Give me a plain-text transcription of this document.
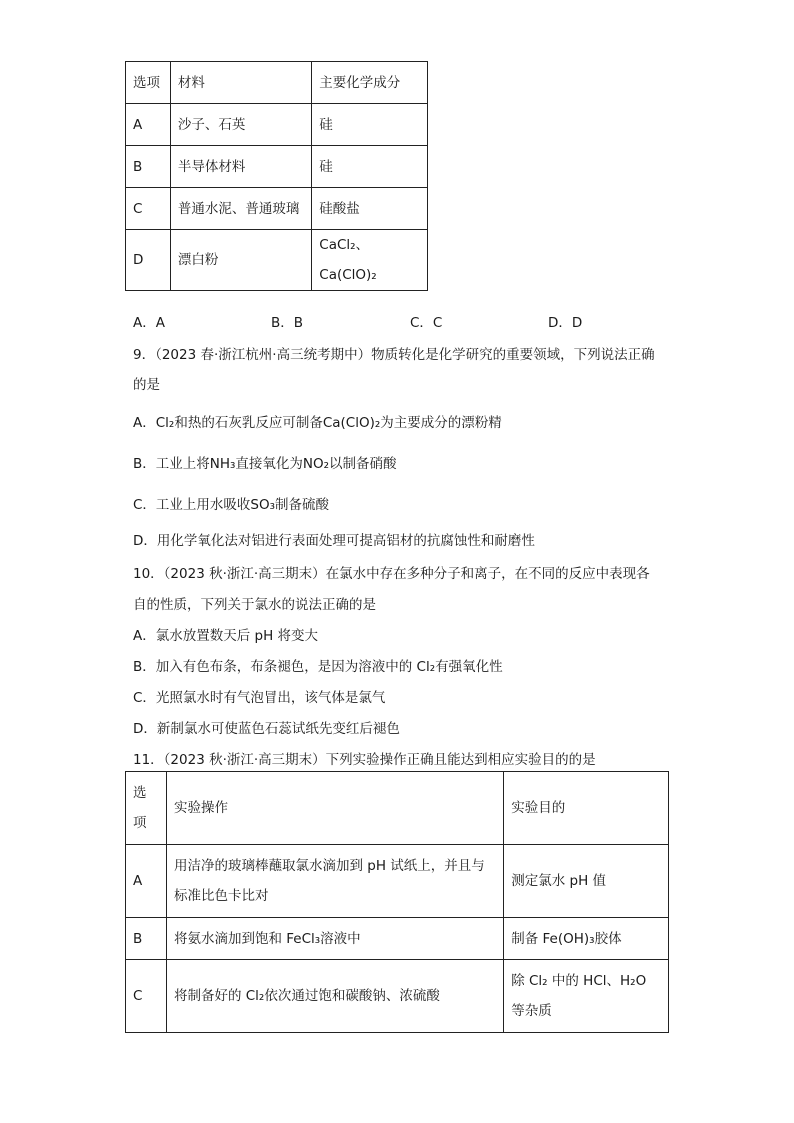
选项	材料	主要化学成分
A	沙子、石英	硅
B	半导体材料	硅
C	普通水泥、普通玻璃	硅酸盐
D	漂白粉	CaCl₂、Ca(ClO)₂
A．A	B．B	C．C	D．D
9．（2023 春·浙江杭州·高三统考期中）物质转化是化学研究的重要领域，下列说法正确
的是
A．Cl₂和热的石灰乳反应可制备Ca(ClO)₂为主要成分的漂粉精
B．工业上将NH₃直接氧化为NO₂以制备硝酸
C．工业上用水吸收SO₃制备硫酸
D．用化学氧化法对铝进行表面处理可提高铝材的抗腐蚀性和耐磨性
10．（2023 秋·浙江·高三期末）在氯水中存在多种分子和离子，在不同的反应中表现各
自的性质，下列关于氯水的说法正确的是
A．氯水放置数天后 pH 将变大
B．加入有色布条，布条褪色，是因为溶液中的 Cl₂有强氧化性
C．光照氯水时有气泡冒出，该气体是氯气
D．新制氯水可使蓝色石蕊试纸先变红后褪色
11．（2023 秋·浙江·高三期末）下列实验操作正确且能达到相应实验目的的是
选项	实验操作	实验目的
A	用洁净的玻璃棒蘸取氯水滴加到 pH 试纸上，并且与标准比色卡比对	测定氯水 pH 值
B	将氨水滴加到饱和 FeCl₃溶液中	制备 Fe(OH)₃胶体
C	将制备好的 Cl₂依次通过饱和碳酸钠、浓硫酸	除 Cl₂ 中的 HCl、H₂O 等杂质
